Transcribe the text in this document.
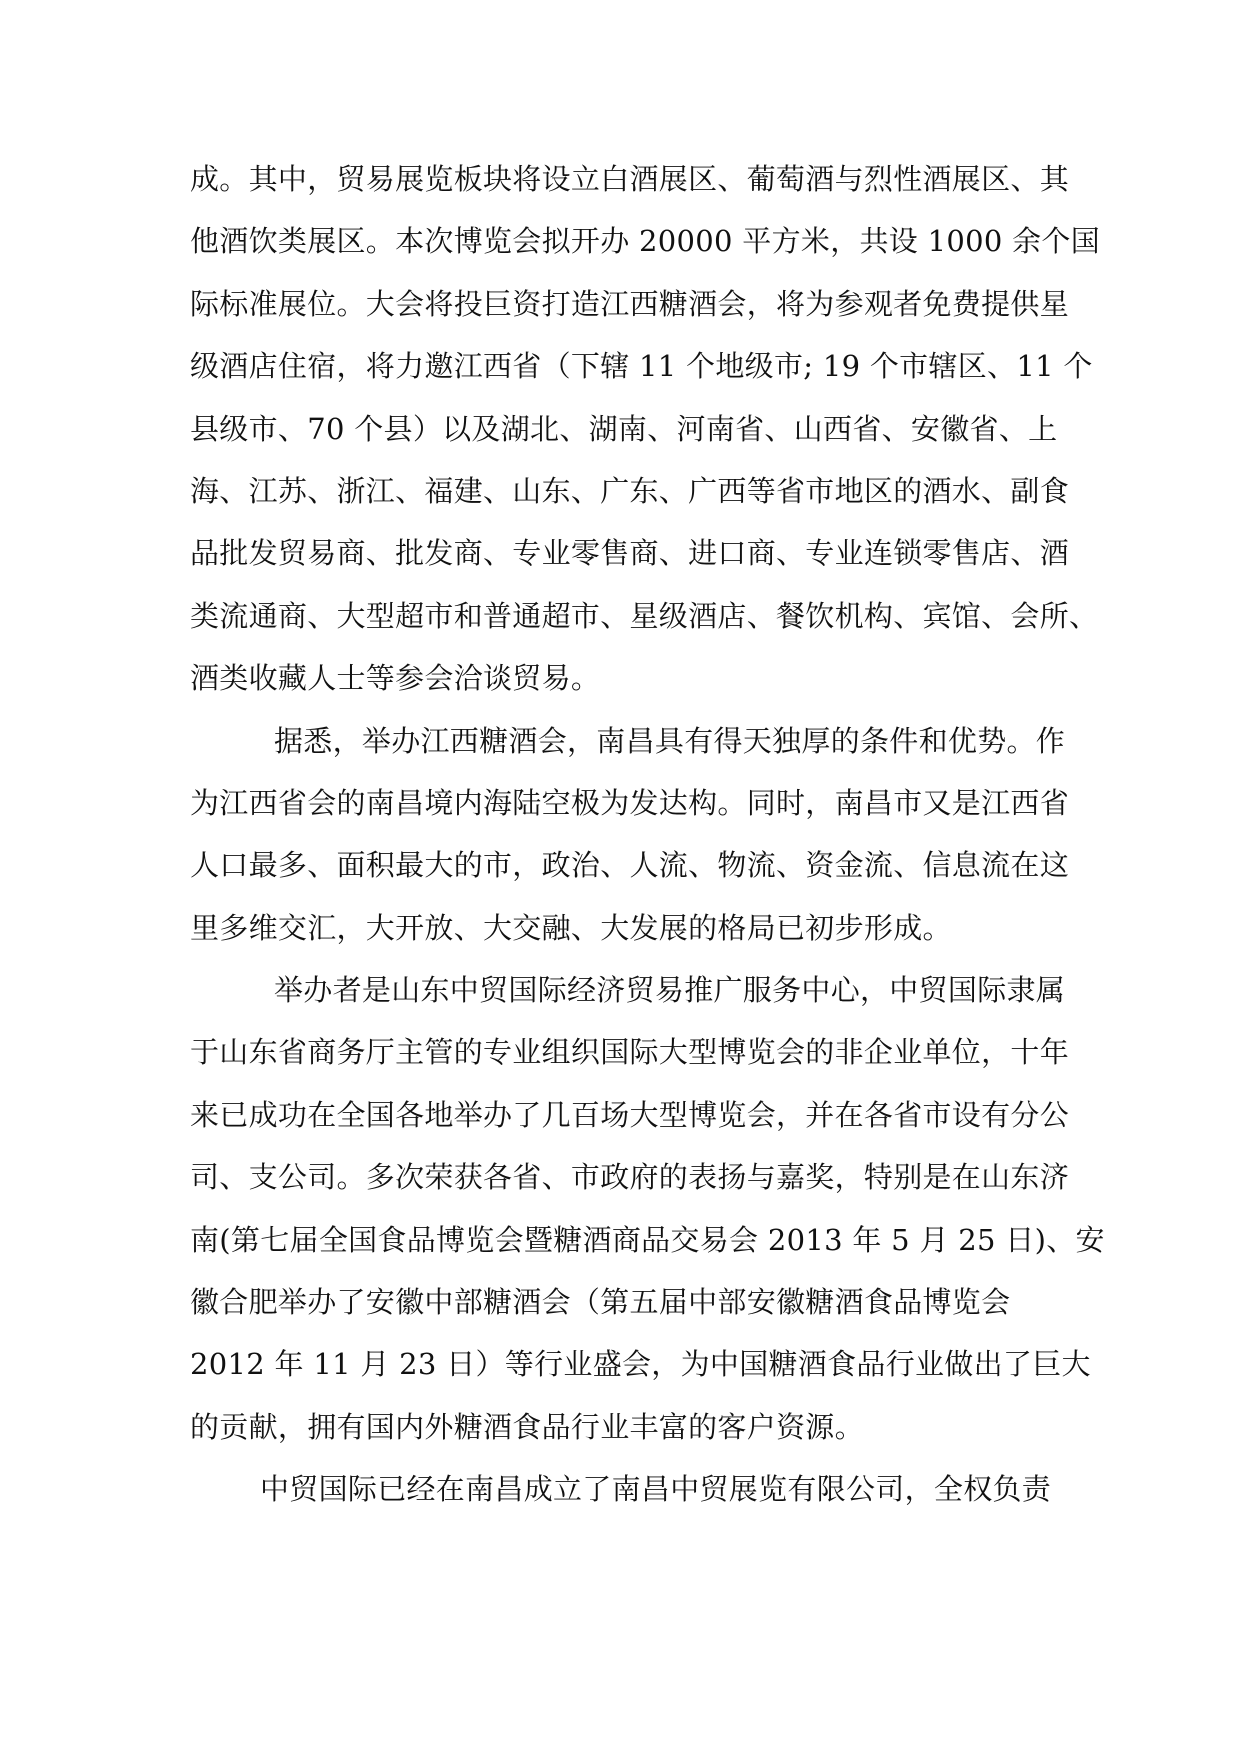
成。其中，贸易展览板块将设立白酒展区、葡萄酒与烈性酒展区、其
他酒饮类展区。本次博览会拟开办 20000 平方米，共设 1000 余个国
际标准展位。大会将投巨资打造江西糖酒会，将为参观者免费提供星
级酒店住宿，将力邀江西省（下辖 11 个地级市; 19 个市辖区、11 个
县级市、70 个县）以及湖北、湖南、河南省、山西省、安徽省、上
海、江苏、浙江、福建、山东、广东、广西等省市地区的酒水、副食
品批发贸易商、批发商、专业零售商、进口商、专业连锁零售店、酒
类流通商、大型超市和普通超市、星级酒店、餐饮机构、宾馆、会所、
酒类收藏人士等参会洽谈贸易。
据悉，举办江西糖酒会，南昌具有得天独厚的条件和优势。作
为江西省会的南昌境内海陆空极为发达构。同时，南昌市又是江西省
人口最多、面积最大的市，政治、人流、物流、资金流、信息流在这
里多维交汇，大开放、大交融、大发展的格局已初步形成。
举办者是山东中贸国际经济贸易推广服务中心，中贸国际隶属
于山东省商务厅主管的专业组织国际大型博览会的非企业单位，十年
来已成功在全国各地举办了几百场大型博览会，并在各省市设有分公
司、支公司。多次荣获各省、市政府的表扬与嘉奖，特别是在山东济
南(第七届全国食品博览会暨糖酒商品交易会 2013 年 5 月 25 日)、安
徽合肥举办了安徽中部糖酒会（第五届中部安徽糖酒食品博览会
2012 年 11 月 23 日）等行业盛会，为中国糖酒食品行业做出了巨大
的贡献，拥有国内外糖酒食品行业丰富的客户资源。
中贸国际已经在南昌成立了南昌中贸展览有限公司，全权负责
